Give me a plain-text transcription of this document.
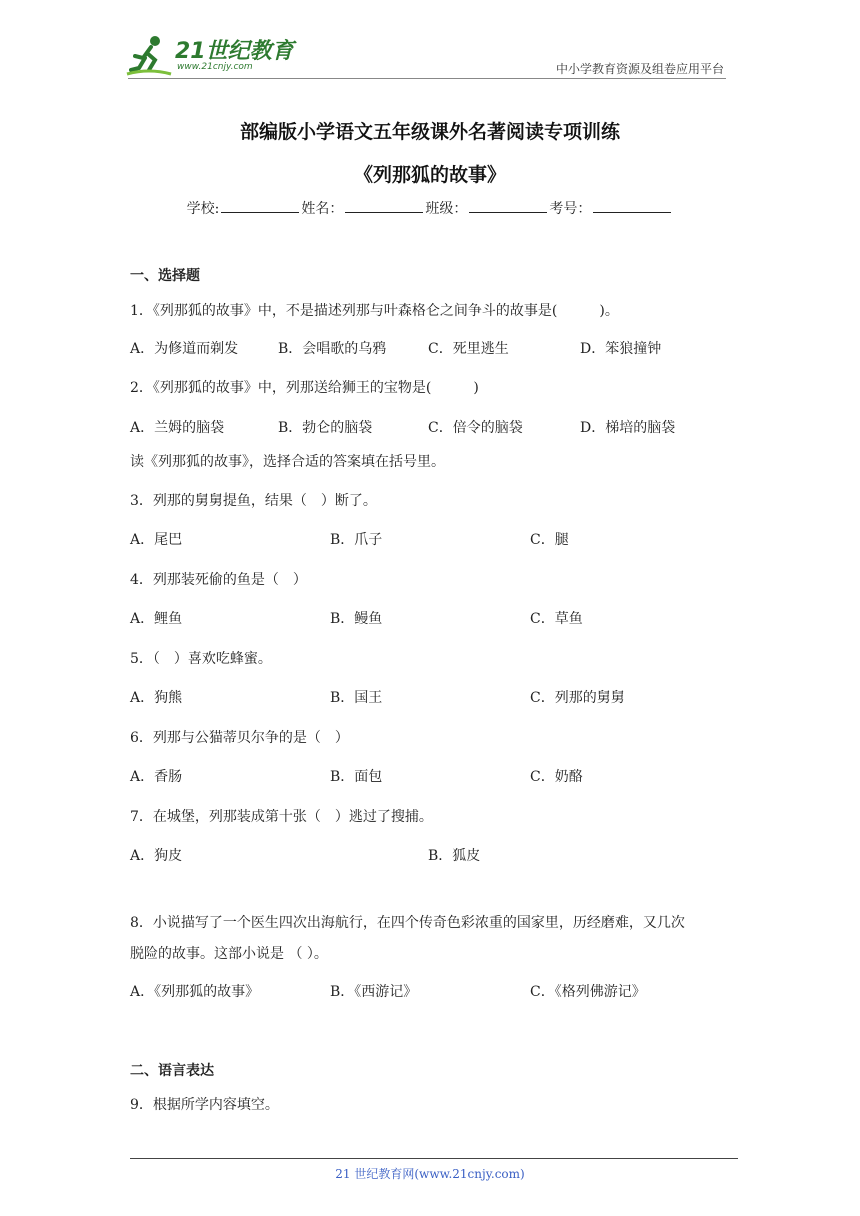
21世纪教育
www.21cnjy.com	中小学教育资源及组卷应用平台
部编版小学语文五年级课外名著阅读专项训练
《列那狐的故事》
学校:	姓名：	班级：	考号：
一、选择题
1．《列那狐的故事》中，不是描述列那与叶森格仑之间争斗的故事是(　　　)。
A．为修道而剃发	B．会唱歌的乌鸦	C．死里逃生	D．笨狼撞钟
2．《列那狐的故事》中，列那送给狮王的宝物是(　　　)
A．兰姆的脑袋	B．勃仑的脑袋	C．倍令的脑袋	D．梯培的脑袋
读《列那狐的故事》，选择合适的答案填在括号里。
3．列那的舅舅提鱼，结果（　）断了。
A．尾巴	B．爪子	C．腿
4．列那装死偷的鱼是（　）
A．鲤鱼	B．鳗鱼	C．草鱼
5．（　）喜欢吃蜂蜜。
A．狗熊	B．国王	C．列那的舅舅
6．列那与公猫蒂贝尔争的是（　）
A．香肠	B．面包	C．奶酪
7．在城堡，列那装成第十张（　）逃过了搜捕。
A．狗皮	B．狐皮
8．小说描写了一个医生四次出海航行，在四个传奇色彩浓重的国家里，历经磨难，又几次
脱险的故事。这部小说是 （ ）。
A．《列那狐的故事》	B．《西游记》	C．《格列佛游记》
二、语言表达
9．根据所学内容填空。
21 世纪教育网(www.21cnjy.com)
